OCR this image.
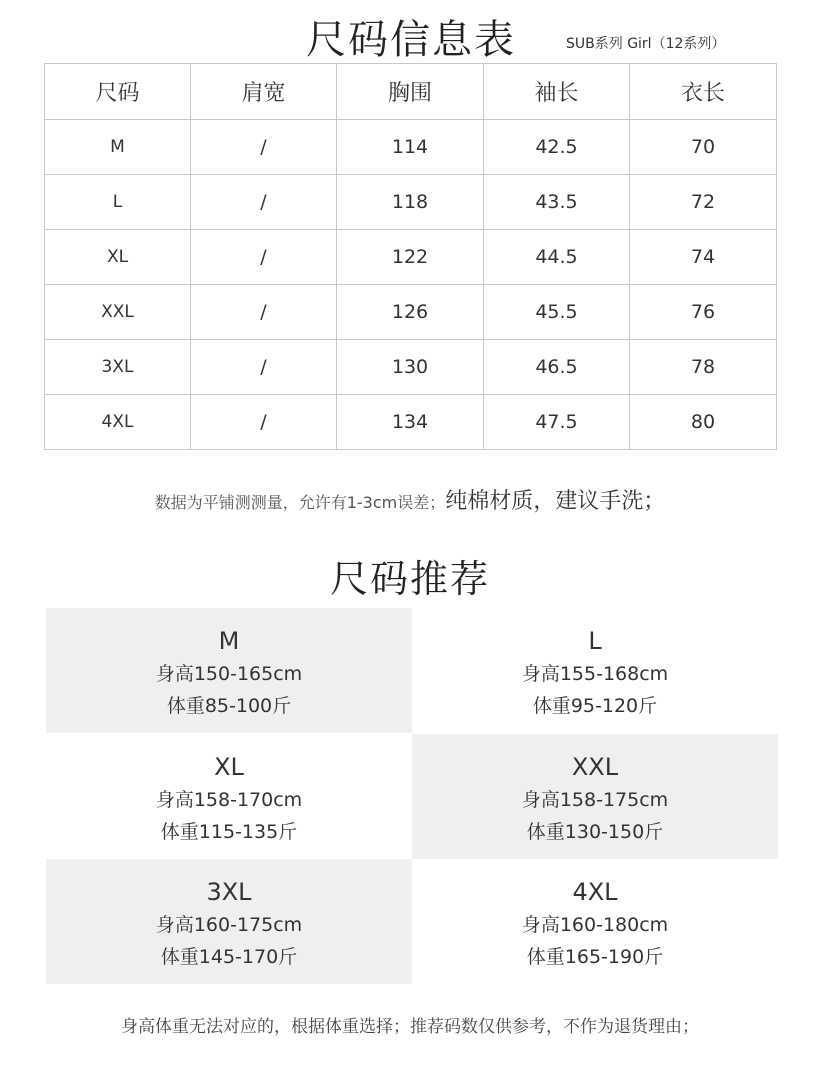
尺码信息表	SUB系列 Girl（12系列）
尺码	肩宽	胸围	袖长	衣长
M	/	114	42.5	70
L	/	118	43.5	72
XL	/	122	44.5	74
XXL	/	126	45.5	76
3XL	/	130	46.5	78
4XL	/	134	47.5	80
数据为平铺测测量，允许有1-3cm误差；纯棉材质，建议手洗；
尺码推荐
M
身高150-165cm
体重85-100斤
L
身高155-168cm
体重95-120斤
XL
身高158-170cm
体重115-135斤
XXL
身高158-175cm
体重130-150斤
3XL
身高160-175cm
体重145-170斤
4XL
身高160-180cm
体重165-190斤
身高体重无法对应的，根据体重选择；推荐码数仅供参考，不作为退货理由；
